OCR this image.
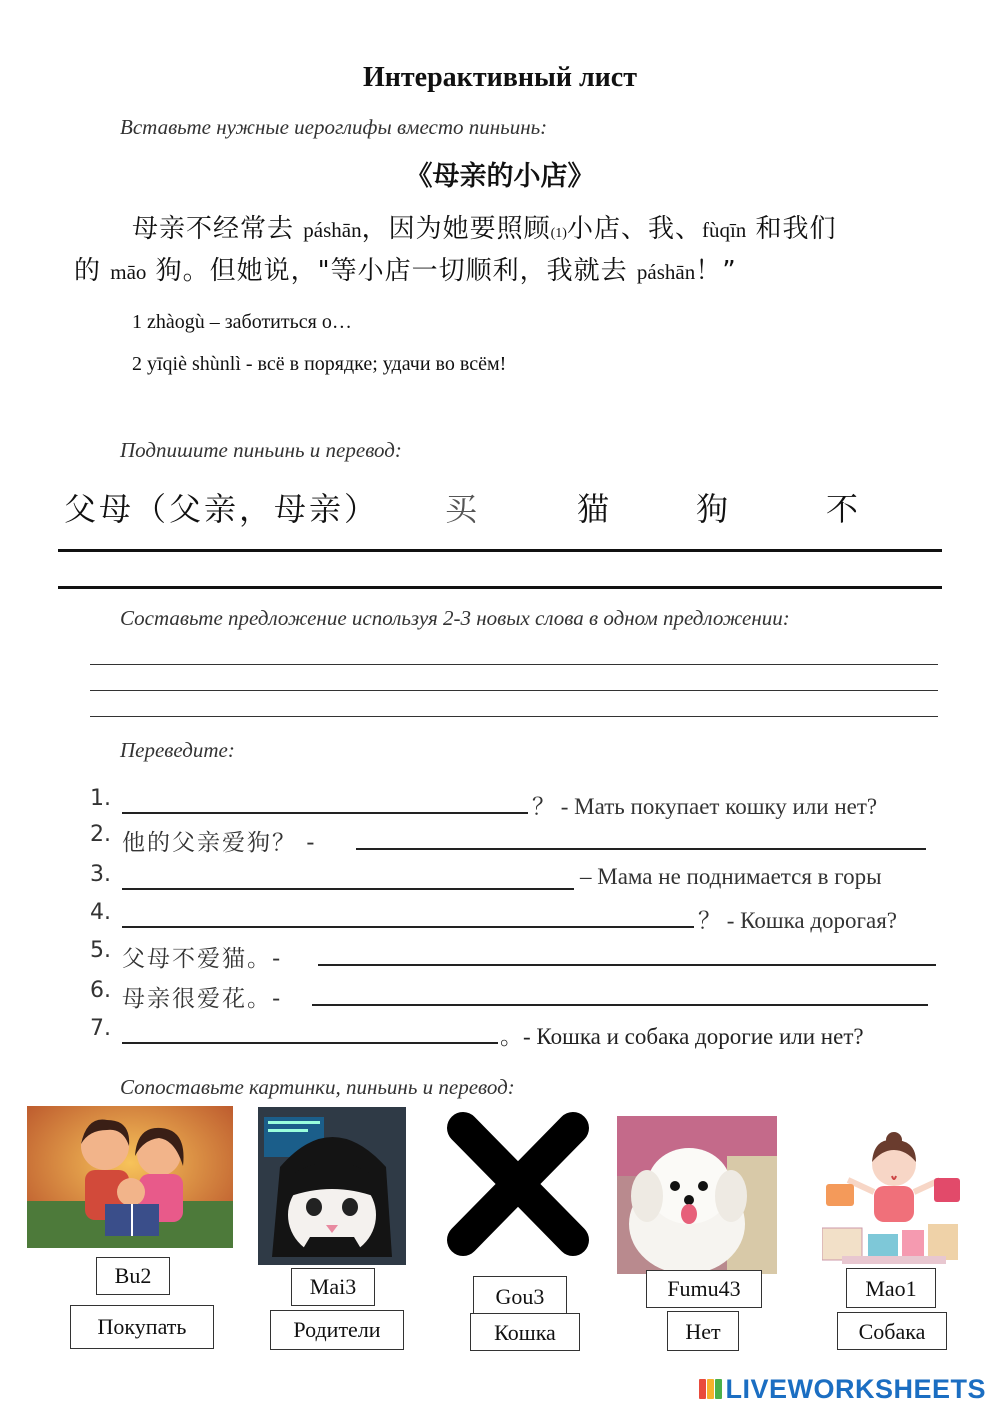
Интерактивный лист
Вставьте нужные иероглифы вместо пиньинь:
《母亲的小店》
母亲不经常去 páshān，因为她要照顾(1)小店、我、fùqīn 和我们
的 māo 狗。但她说，"等小店一切顺利，我就去 páshān！”
1 zhàogù – заботиться о…
2 yīqiè shùnlì - всё в порядке; удачи во всём!
Подпишите пиньинь и перевод:
父母（父亲，母亲） 买	猫	狗	不
Составьте предложение используя 2-3 новых слова в одном предложении:
Переведите:
1.	？ - Мать покупает кошку или нет?
2. 他的父亲爱狗？ -
3.	– Мама не поднимается в горы
4.	？ - Кошка дорогая?
5. 父母不爱猫。-
6. 母亲很爱花。-
7.	。- Кошка и собака дорогие или нет?
Сопоставьте картинки, пиньинь и перевод:
Bu2
Покупать
Mai3
Родители
Gou3
Кошка
Fumu43
Нет
Mao1
Собака
LIVEWORKSHEETS
